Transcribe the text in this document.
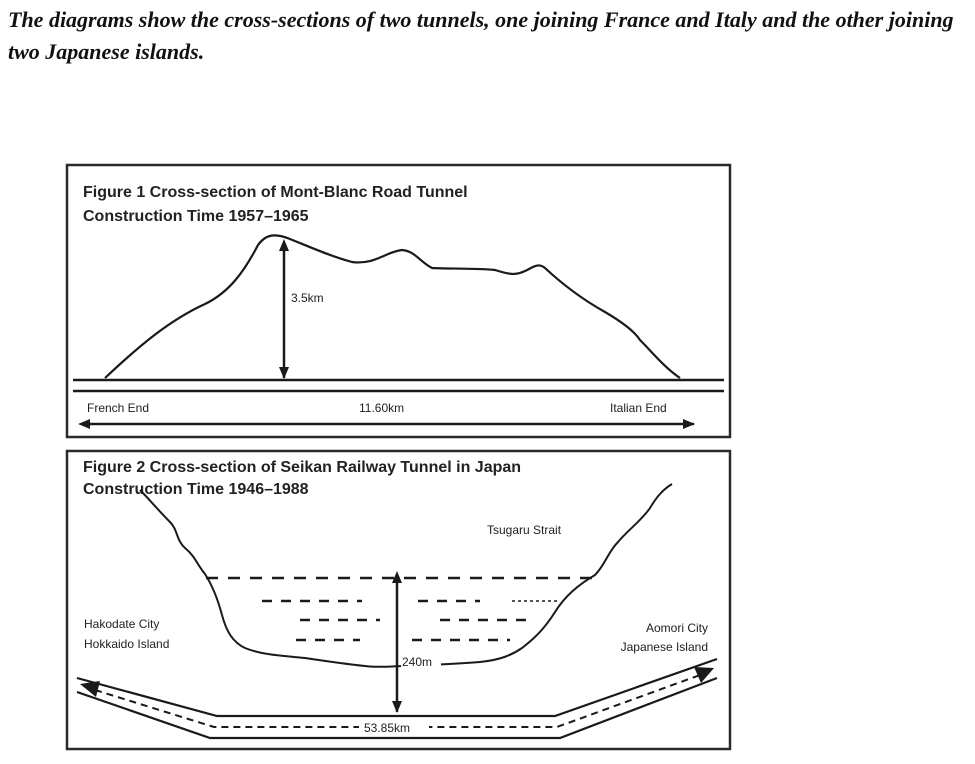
The diagrams show the cross-sections of two tunnels, one joining France and Italy and the other joining two Japanese islands.

Figure 1 Cross-section of Mont-Blanc Road Tunnel
Construction Time 1957–1965
3.5km
French End	11.60km	Italian End
Figure 2 Cross-section of Seikan Railway Tunnel in Japan
Construction Time 1946–1988
240m
Tsugaru Strait
Hakodate City
Hokkaido Island
Aomori City
Japanese Island
53.85km
